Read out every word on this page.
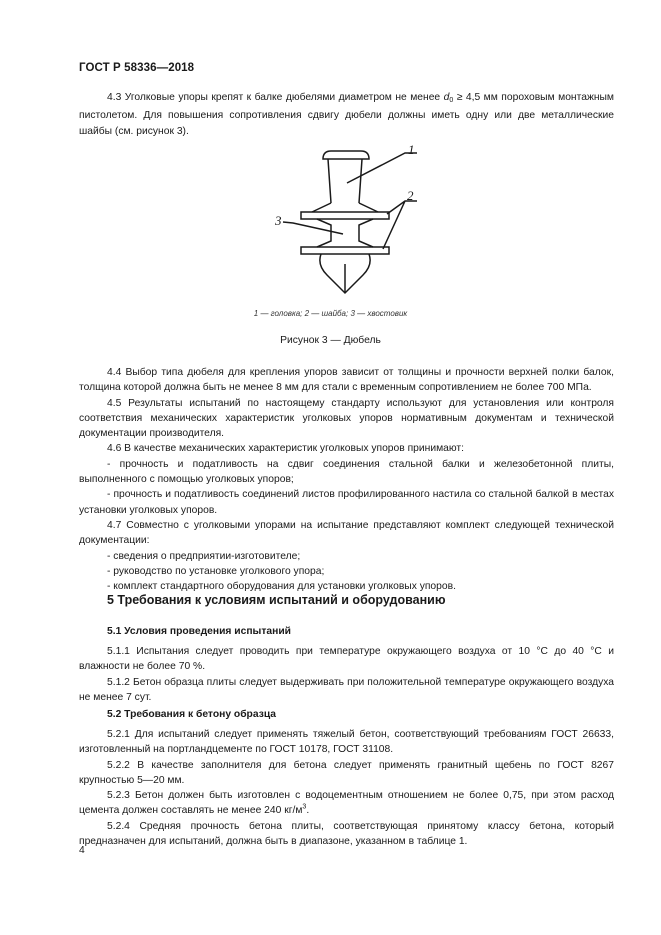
ГОСТ Р 58336—2018

4.3 Уголковые упоры крепят к балке дюбелями диаметром не менее $d_0 \ge 4,5$ мм пороховым монтажным пистолетом. Для повышения сопротивления сдвигу дюбели должны иметь одну или две металлические шайбы (см. рисунок 3).

1
2
3
1 — головка; 2 — шайба; 3 — хвостовик
Рисунок 3 — Дюбель

4.4 Выбор типа дюбеля для крепления упоров зависит от толщины и прочности верхней полки балок, толщина которой должна быть не менее 8 мм для стали с временным сопротивлением не более 700 МПа.

4.5 Результаты испытаний по настоящему стандарту используют для установления или контроля соответствия механических характеристик уголковых упоров нормативным документам и технической документации производителя.

4.6 В качестве механических характеристик уголковых упоров принимают:

- прочность и податливость на сдвиг соединения стальной балки и железобетонной плиты, выполненного с помощью уголковых упоров;

- прочность и податливость соединений листов профилированного настила со стальной балкой в местах установки уголковых упоров.

4.7 Совместно с уголковыми упорами на испытание представляют комплект следующей технической документации:

- сведения о предприятии-изготовителе;

- руководство по установке уголкового упора;

- комплект стандартного оборудования для установки уголковых упоров.

5 Требования к условиям испытаний и оборудованию
5.1 Условия проведения испытаний

5.1.1 Испытания следует проводить при температуре окружающего воздуха от 10 °С до 40 °С и влажности не более 70 %.

5.1.2 Бетон образца плиты следует выдерживать при положительной температуре окружающего воздуха не менее 7 сут.

5.2 Требования к бетону образца

5.2.1 Для испытаний следует применять тяжелый бетон, соответствующий требованиям ГОСТ 26633, изготовленный на портландцементе по ГОСТ 10178, ГОСТ 31108.

5.2.2 В качестве заполнителя для бетона следует применять гранитный щебень по ГОСТ 8267 крупностью 5—20 мм.

5.2.3 Бетон должен быть изготовлен с водоцементным отношением не более 0,75, при этом расход цемента должен составлять не менее 240 $кг/м^3$.

5.2.4 Средняя прочность бетона плиты, соответствующая принятому классу бетона, который предназначен для испытаний, должна быть в диапазоне, указанном в таблице 1.

4
